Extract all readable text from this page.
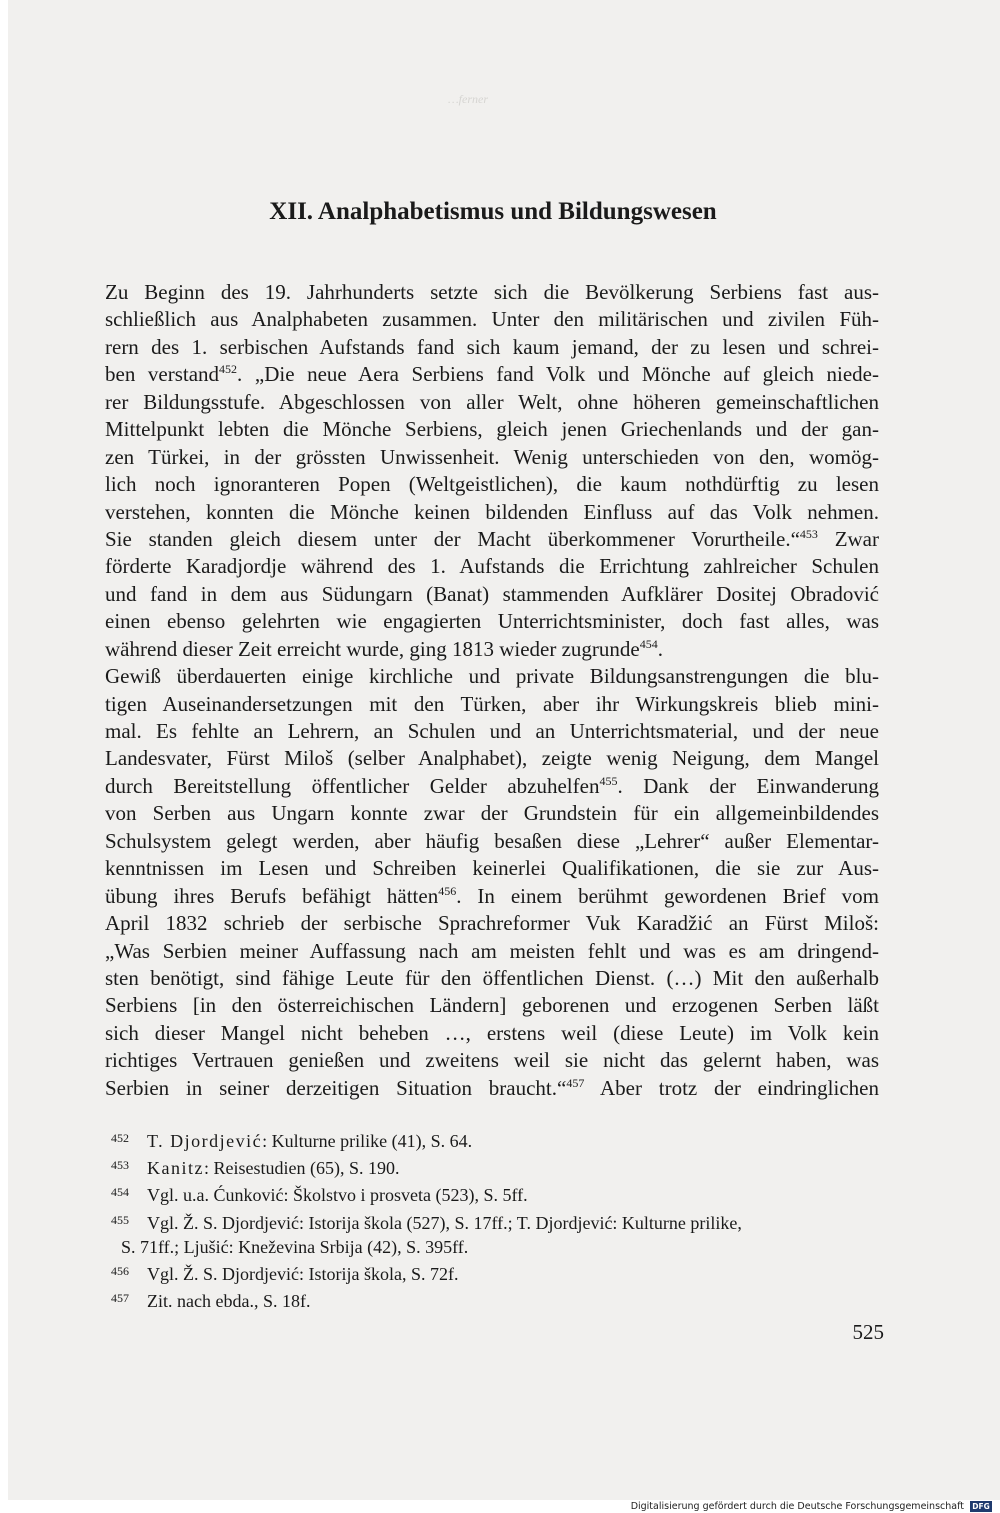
…ferner
XII. Analphabetismus und Bildungswesen
Zu Beginn des 19. Jahrhunderts setzte sich die Bevölkerung Serbiens fast aus-
schließlich aus Analphabeten zusammen. Unter den militärischen und zivilen Füh-
rern des 1. serbischen Aufstands fand sich kaum jemand, der zu lesen und schrei-
ben verstand$^{452}$. „Die neue Aera Serbiens fand Volk und Mönche auf gleich niede-
rer Bildungsstufe. Abgeschlossen von aller Welt, ohne höheren gemeinschaftlichen
Mittelpunkt lebten die Mönche Serbiens, gleich jenen Griechenlands und der gan-
zen Türkei, in der grössten Unwissenheit. Wenig unterschieden von den, womög-
lich noch ignoranteren Popen (Weltgeistlichen), die kaum nothdürftig zu lesen
verstehen, konnten die Mönche keinen bildenden Einfluss auf das Volk nehmen.
Sie standen gleich diesem unter der Macht überkommener Vorurtheile.“$^{453}$ Zwar
förderte Karadjordje während des 1. Aufstands die Errichtung zahlreicher Schulen
und fand in dem aus Südungarn (Banat) stammenden Aufklärer Dositej Obradović
einen ebenso gelehrten wie engagierten Unterrichtsminister, doch fast alles, was
während dieser Zeit erreicht wurde, ging 1813 wieder zugrunde$^{454}$.
Gewiß überdauerten einige kirchliche und private Bildungsanstrengungen die blu-
tigen Auseinandersetzungen mit den Türken, aber ihr Wirkungskreis blieb mini-
mal. Es fehlte an Lehrern, an Schulen und an Unterrichtsmaterial, und der neue
Landesvater, Fürst Miloš (selber Analphabet), zeigte wenig Neigung, dem Mangel
durch Bereitstellung öffentlicher Gelder abzuhelfen$^{455}$. Dank der Einwanderung
von Serben aus Ungarn konnte zwar der Grundstein für ein allgemeinbildendes
Schulsystem gelegt werden, aber häufig besaßen diese „Lehrer“ außer Elementar-
kenntnissen im Lesen und Schreiben keinerlei Qualifikationen, die sie zur Aus-
übung ihres Berufs befähigt hätten$^{456}$. In einem berühmt gewordenen Brief vom
April 1832 schrieb der serbische Sprachreformer Vuk Karadžić an Fürst Miloš:
„Was Serbien meiner Auffassung nach am meisten fehlt und was es am dringend-
sten benötigt, sind fähige Leute für den öffentlichen Dienst. (…) Mit den außerhalb
Serbiens [in den österreichischen Ländern] geborenen und erzogenen Serben läßt
sich dieser Mangel nicht beheben …, erstens weil (diese Leute) im Volk kein
richtiges Vertrauen genießen und zweitens weil sie nicht das gelernt haben, was
Serbien in seiner derzeitigen Situation braucht.“$^{457}$ Aber trotz der eindringlichen
452 T. Djordjević: Kulturne prilike (41), S. 64.
453 Kanitz: Reisestudien (65), S. 190.
454 Vgl. u.a. Ćunković: Školstvo i prosveta (523), S. 5ff.
455 Vgl. Ž. S. Djordjević: Istorija škola (527), S. 17ff.; T. Djordjević: Kulturne prilike,
S. 71ff.; Ljušić: Kneževina Srbija (42), S. 395ff.
456 Vgl. Ž. S. Djordjević: Istorija škola, S. 72f.
457 Zit. nach ebda., S. 18f.
525
Digitalisierung gefördert durch die Deutsche Forschungsgemeinschaft DFG
